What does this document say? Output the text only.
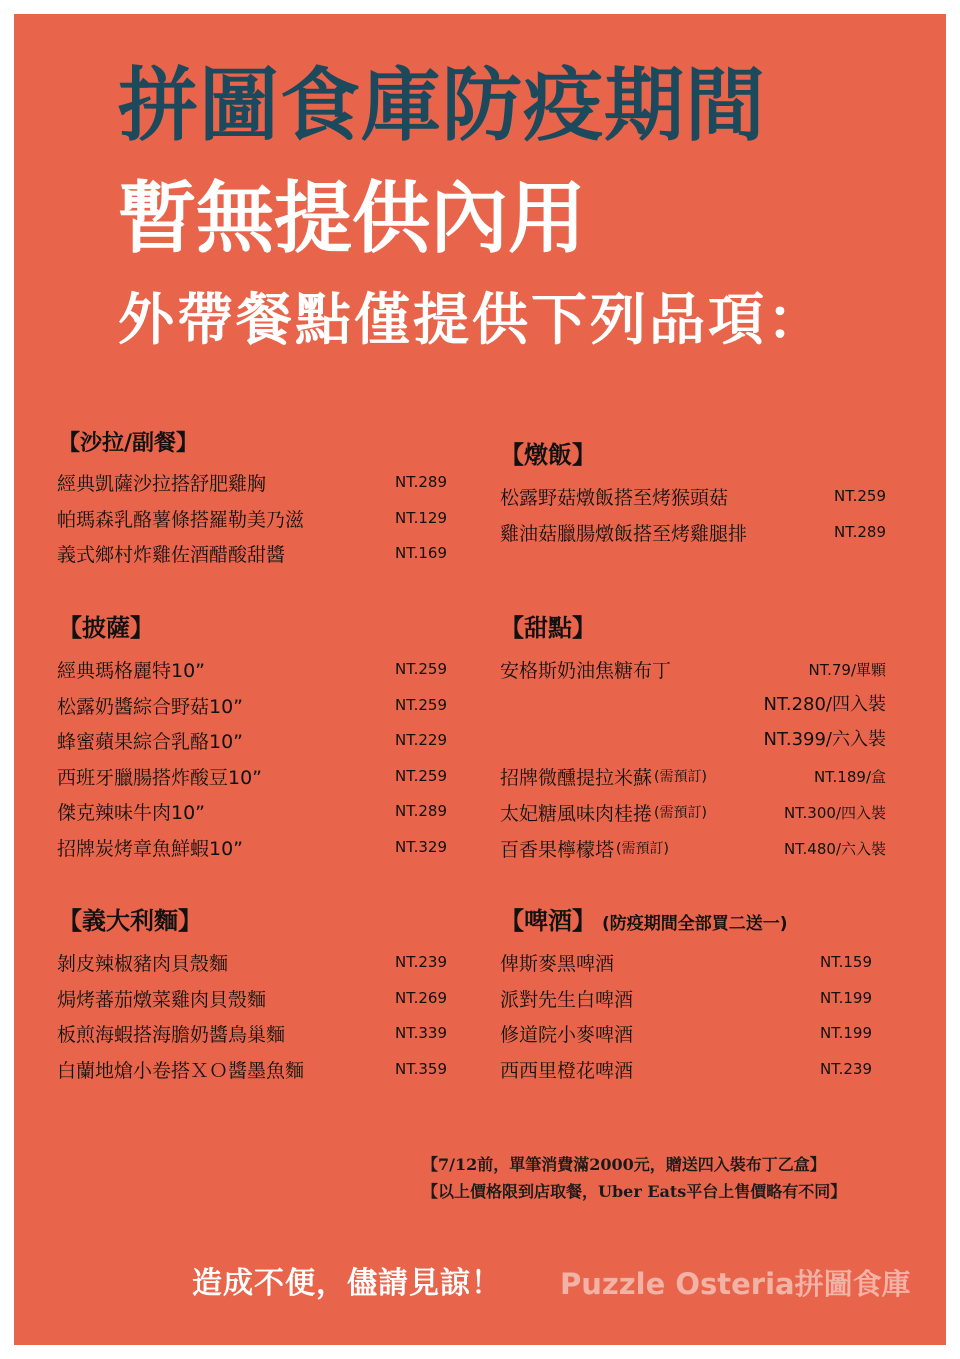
拼圖食庫防疫期間
暫無提供內用
外帶餐點僅提供下列品項：
【沙拉/副餐】
經典凱薩沙拉搭舒肥雞胸	NT.289
帕瑪森乳酪薯條搭羅勒美乃滋	NT.129
義式鄉村炸雞佐酒醋酸甜醬	NT.169
【燉飯】
松露野菇燉飯搭至烤猴頭菇	NT.259
雞油菇臘腸燉飯搭至烤雞腿排	NT.289
【披薩】
經典瑪格麗特10”	NT.259
松露奶醬綜合野菇10”	NT.259
蜂蜜蘋果綜合乳酪10”	NT.229
西班牙臘腸搭炸酸豆10”	NT.259
傑克辣味牛肉10”	NT.289
招牌炭烤章魚鮮蝦10”	NT.329
【甜點】
安格斯奶油焦糖布丁	NT.79/單顆
NT.280/四入裝
NT.399/六入裝
招牌微醺提拉米蘇 (需預訂)	NT.189/盒
太妃糖風味肉桂捲 (需預訂)	NT.300/四入裝
百香果檸檬塔 (需預訂)	NT.480/六入裝
【義大利麵】
剝皮辣椒豬肉貝殼麵	NT.239
焗烤蕃茄燉菜雞肉貝殼麵	NT.269
板煎海蝦搭海膽奶醬鳥巢麵	NT.339
白蘭地熗小卷搭ＸＯ醬墨魚麵	NT.359
【啤酒】 (防疫期間全部買二送一)
俾斯麥黑啤酒	NT.159
派對先生白啤酒	NT.199
修道院小麥啤酒	NT.199
西西里橙花啤酒	NT.239
【7/12前，單筆消費滿2000元，贈送四入裝布丁乙盒】
【以上價格限到店取餐，Uber Eats平台上售價略有不同】
造成不便，儘請見諒！ Puzzle Osteria拼圖食庫
